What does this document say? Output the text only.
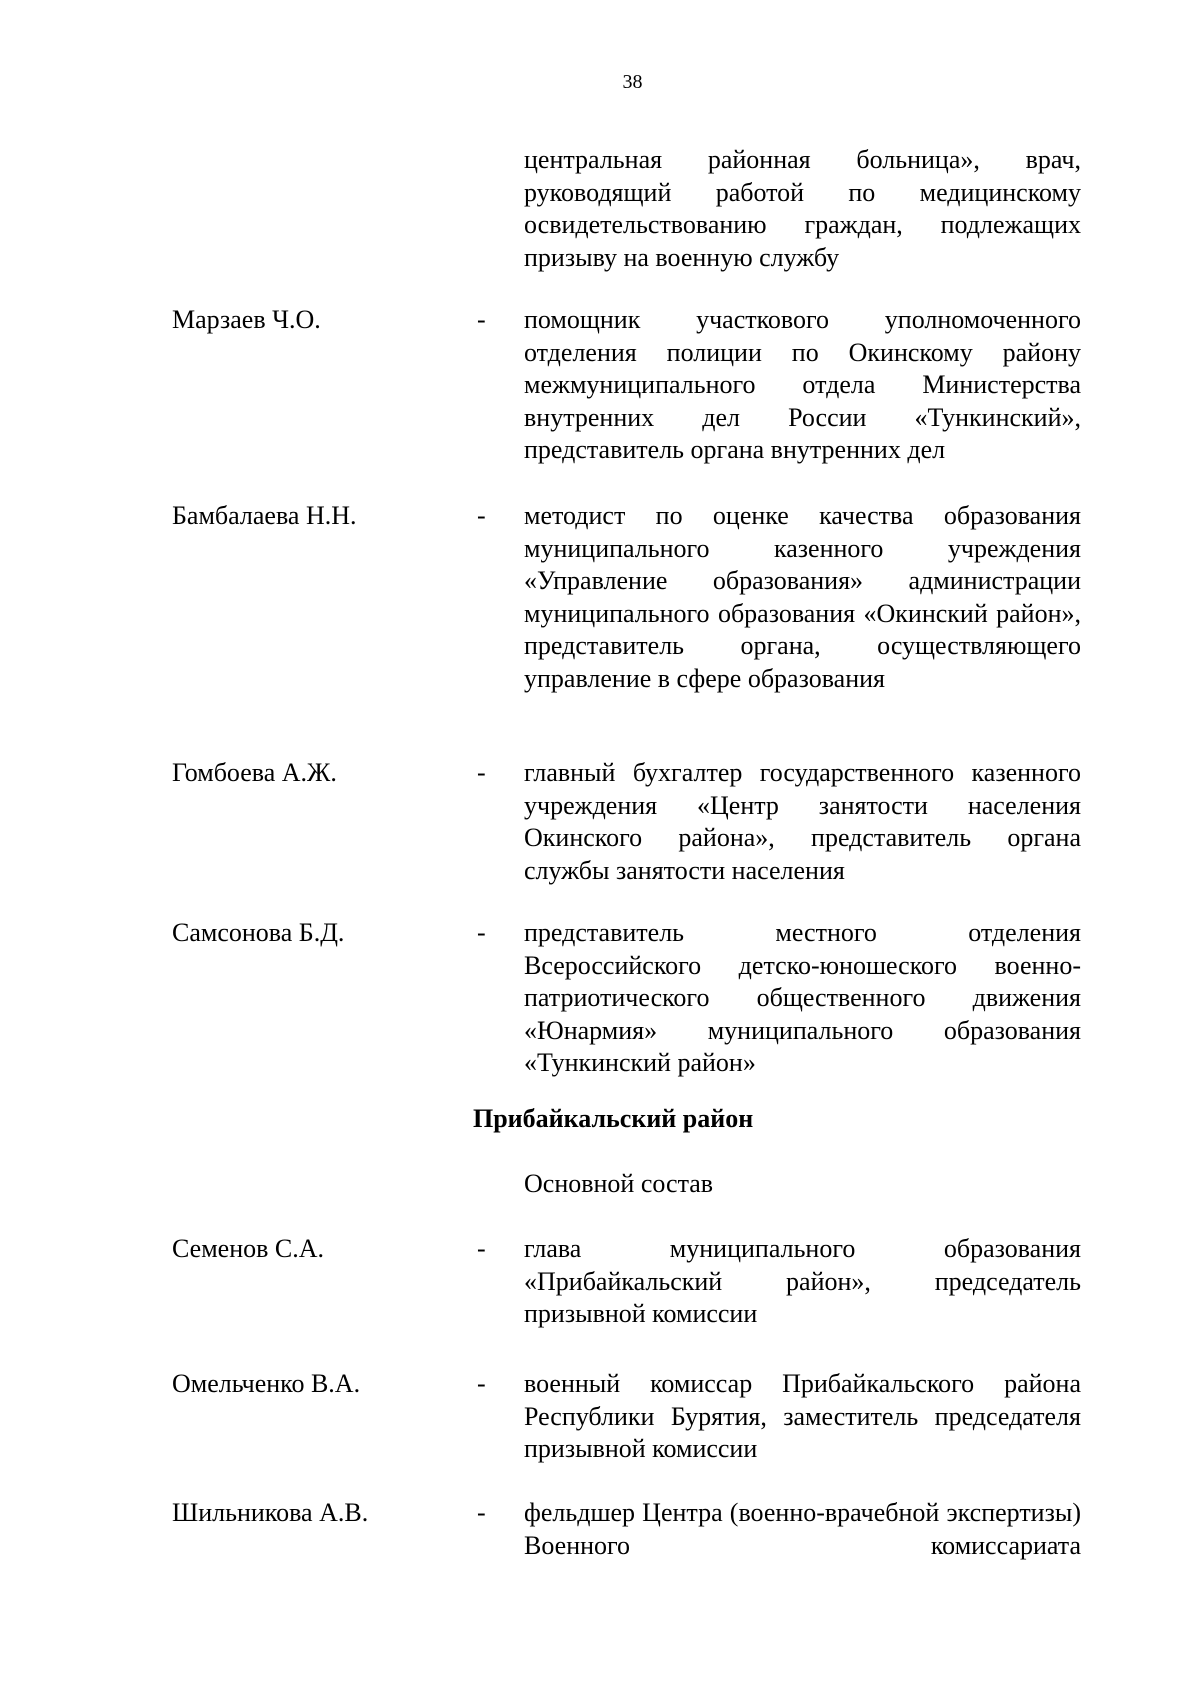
38
центральная районная больница», врач, руководящий работой по медицинскому освидетельствованию граждан, подлежащих призыву на военную службу
Марзаев Ч.О.	- помощник участкового уполномоченного отделения полиции по Окинскому району межмуниципального отдела Министерства внутренних дел России «Тункинский», представитель органа внутренних дел
Бамбалаева Н.Н.	- методист по оценке качества образования муниципального казенного учреждения «Управление образования» администрации муниципального образования «Окинский район», представитель органа, осуществляющего управление в сфере образования
Гомбоева А.Ж.	- главный бухгалтер государственного казенного учреждения «Центр занятости населения Окинского района», представитель органа службы занятости населения
Самсонова Б.Д.	- представитель местного отделения Всероссийского детско-юношеского военно-патриотического общественного движения «Юнармия» муниципального образования «Тункинский район»
Прибайкальский район
Основной состав
Семенов С.А.	- глава муниципального образования «Прибайкальский район», председатель призывной комиссии
Омельченко В.А.	- военный комиссар Прибайкальского района Республики Бурятия, заместитель председателя призывной комиссии
Шильникова А.В.	- фельдшер Центра (военно-врачебной экспертизы) Военного комиссариата
